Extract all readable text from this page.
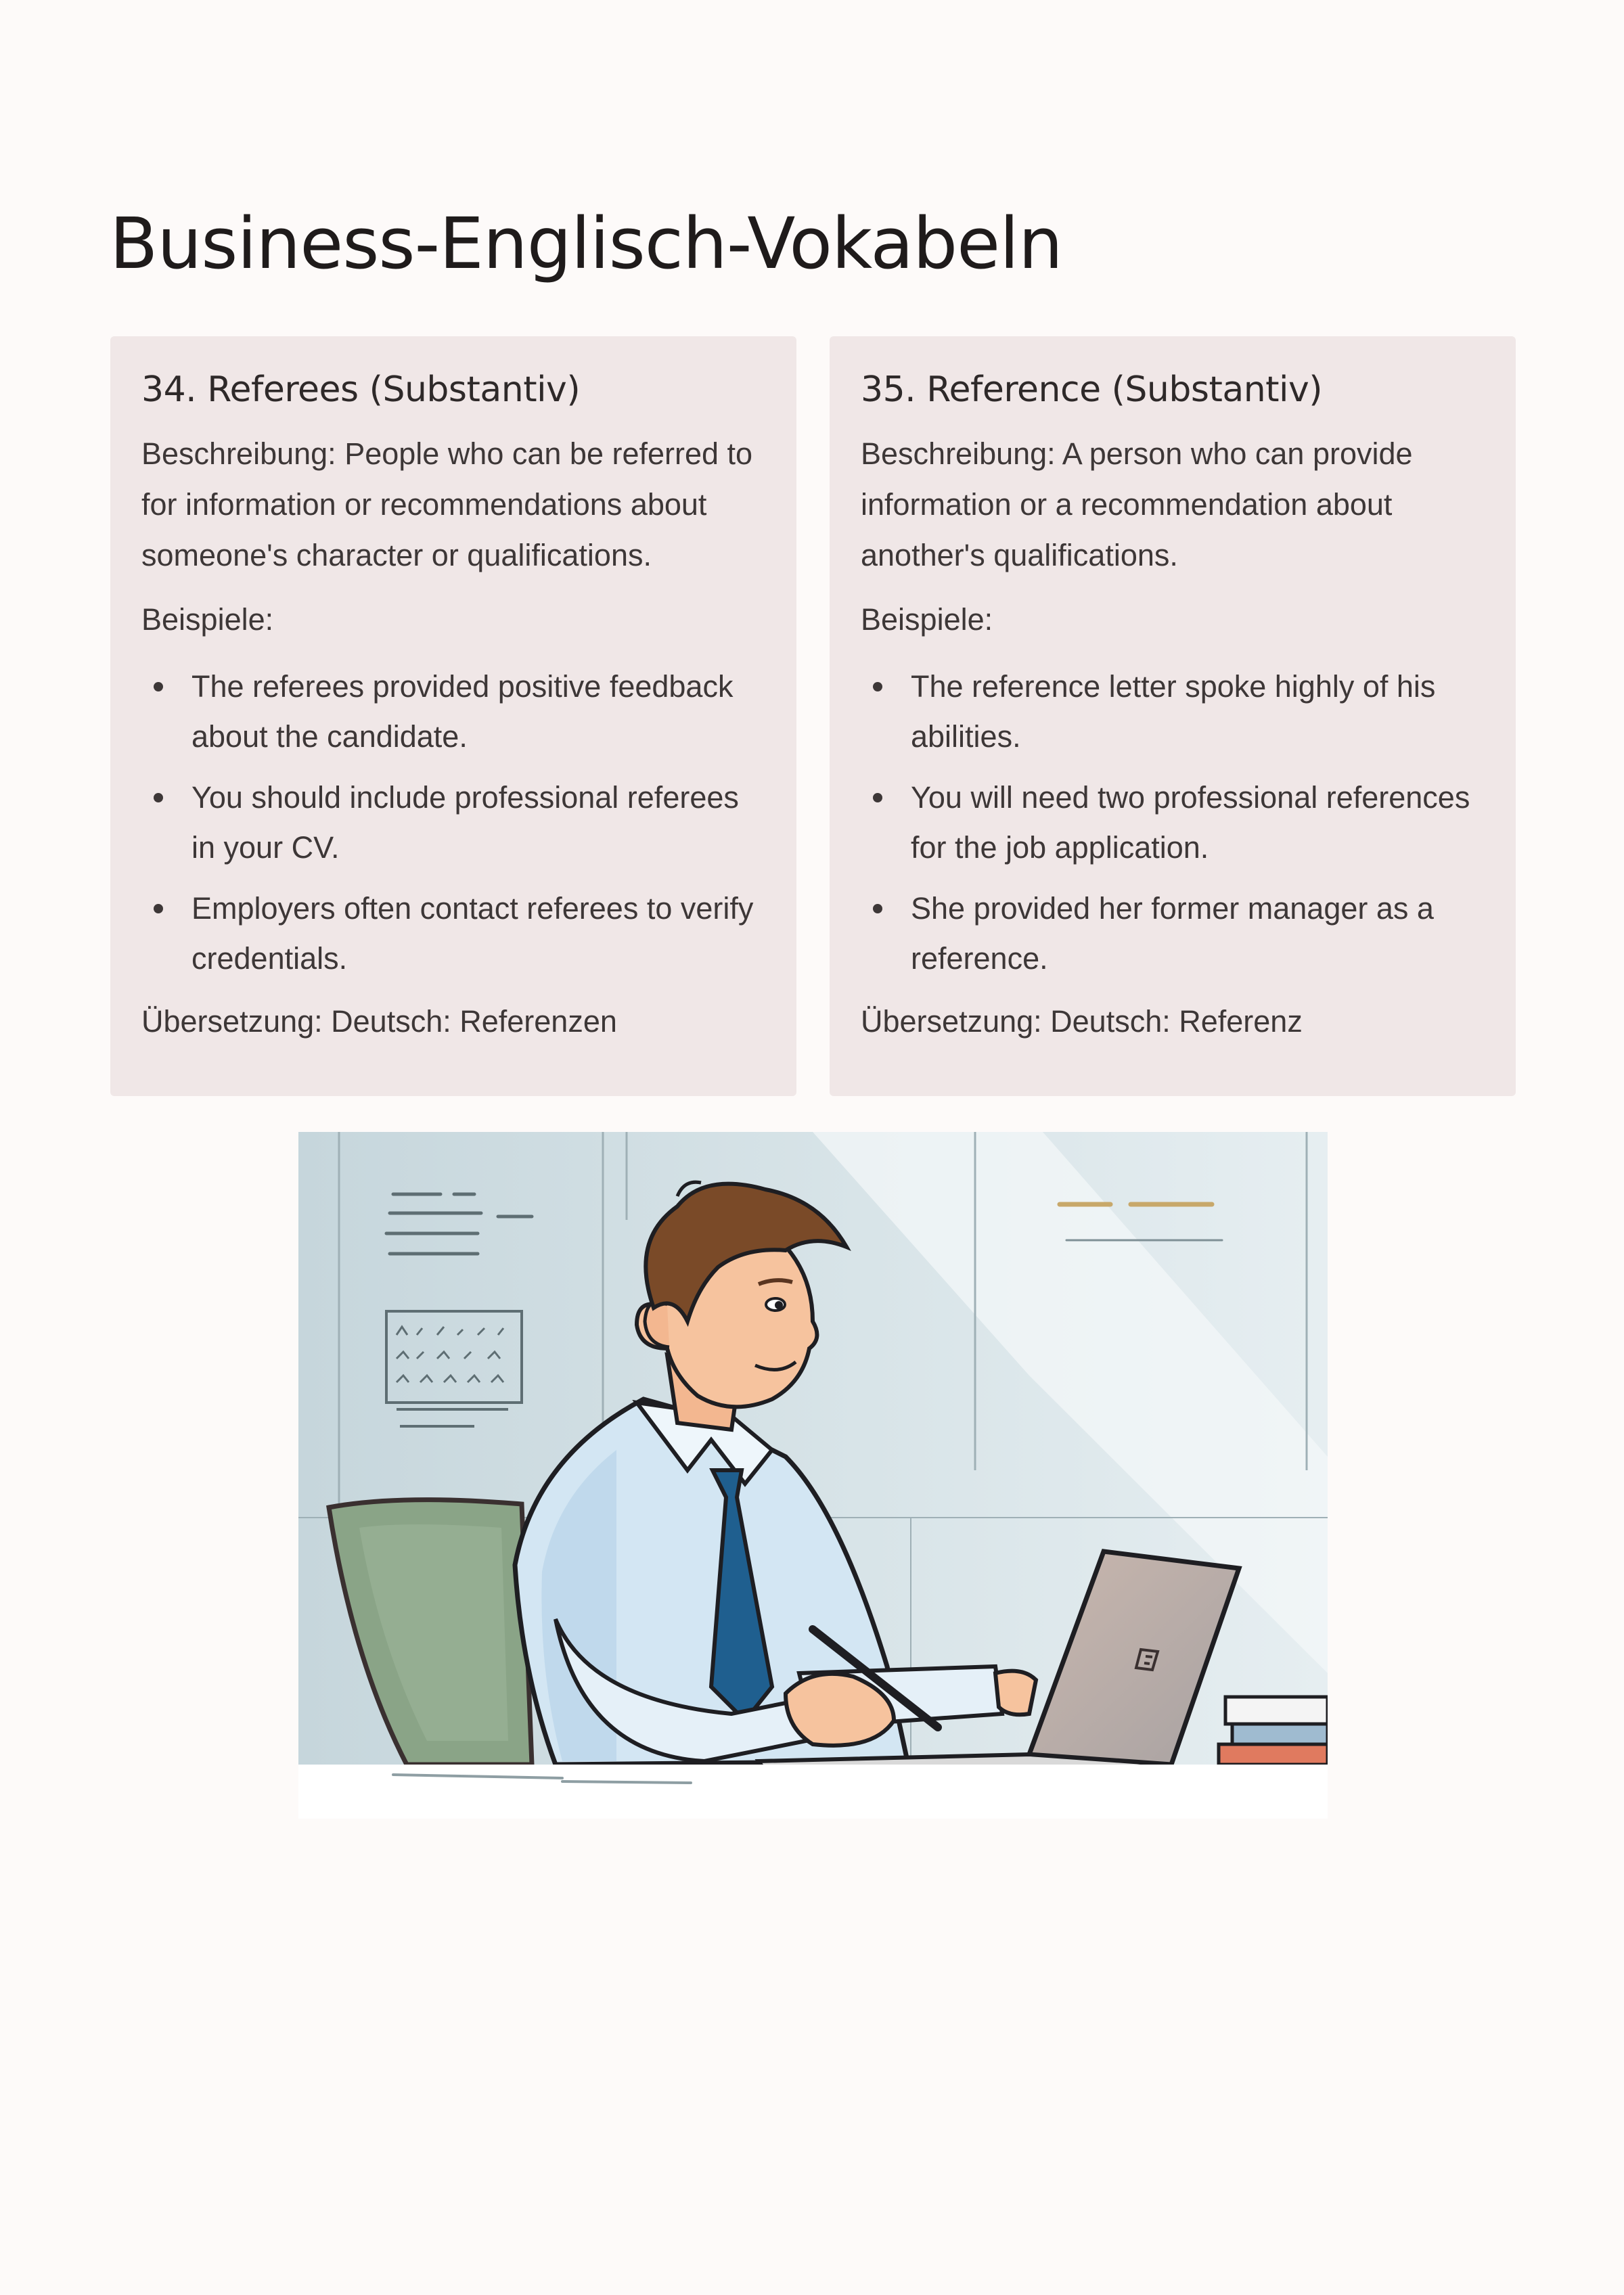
Business-Englisch-Vokabeln
34. Referees (Substantiv)

Beschreibung: People who can be referred to for information or recommendations about someone's character or qualifications.

Beispiele:

The referees provided positive feedback about the candidate.
You should include professional referees in your CV.
Employers often contact referees to verify credentials.

Übersetzung: Deutsch: Referenzen

35. Reference (Substantiv)

Beschreibung: A person who can provide information or a recommendation about another's qualifications.

Beispiele:

The reference letter spoke highly of his abilities.
You will need two professional references for the job application.
She provided her former manager as a reference.

Übersetzung: Deutsch: Referenz
